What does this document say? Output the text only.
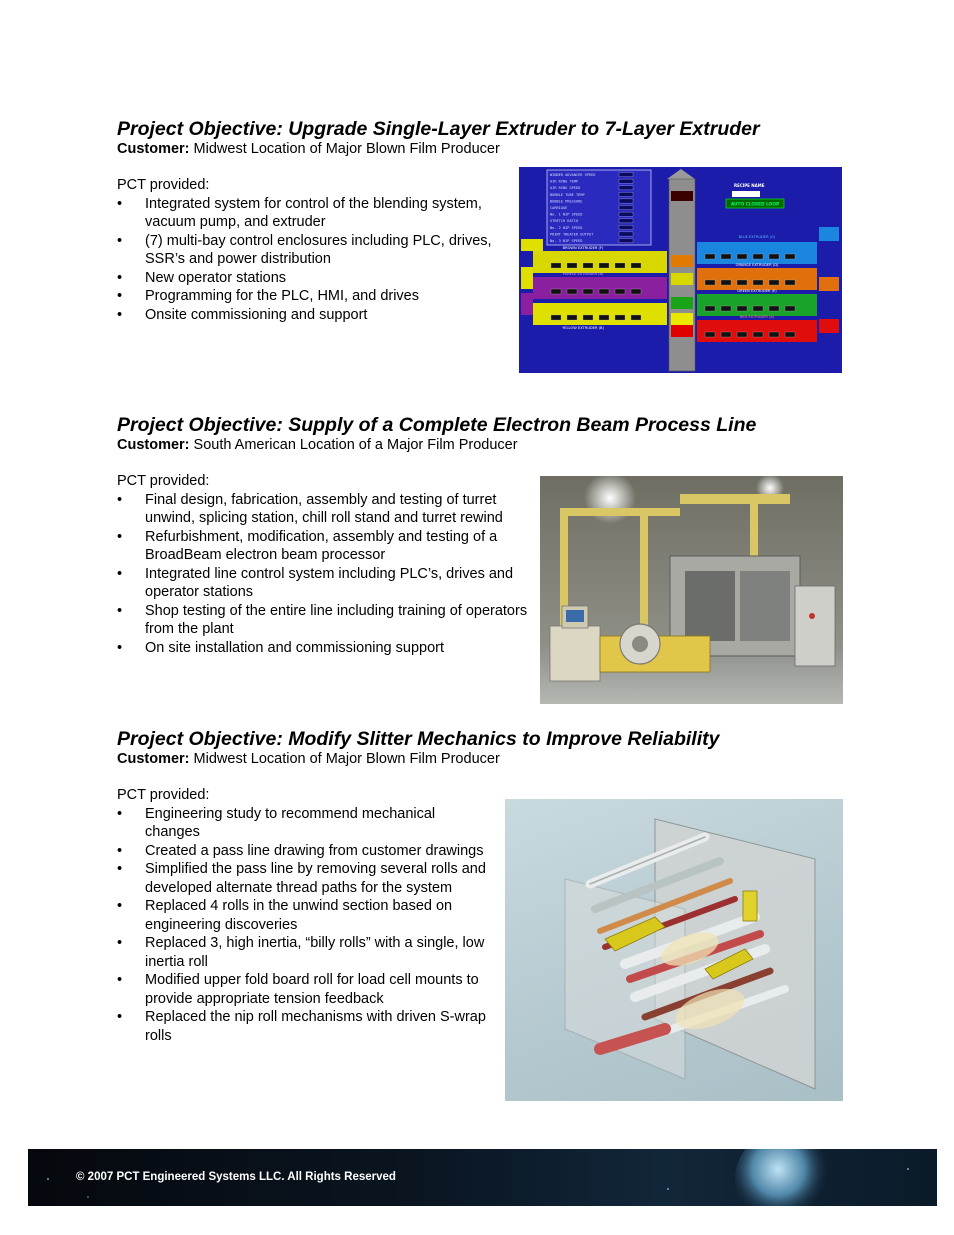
Project Objective: Upgrade Single-Layer Extruder to 7-Layer Extruder

Customer: Midwest Location of Major Blown Film Producer

PCT provided:

•	Integrated system for control of the blending system, vacuum pump, and extruder
•	(7) multi-bay control enclosures including PLC, drives, SSR’s and power distribution
•	New operator stations
•	Programming for the PLC, HMI, and drives
•	Onsite commissioning and support
WINDER ADVANCER SPEED
AIR RING TEMP
AIR RING SPEED
BUBBLE TUBE TEMP
BUBBLE PRESSURE
CARRIAGE
No. 1 NIP SPEED
STRETCH RATIO
No. 2 NIP SPEED
PRINT TREATER OUTPUT
No. 3 NIP SPEED
RECIPE NAME
AUTO CLOSED LOOP
BLUE EXTRUDER (G)
ORANGE EXTRUDER (D)
GREEN EXTRUDER (E)
RED EXTRUDER (A)
BROWN EXTRUDER (F)
PURPLE EXTRUDER (B)
YELLOW EXTRUDER (B)
Project Objective: Supply of a Complete Electron Beam Process Line

Customer: South American Location of a Major Film Producer

PCT provided:

•	Final design, fabrication, assembly and testing of turret unwind, splicing station, chill roll stand and turret rewind
•	Refurbishment, modification, assembly and testing of a BroadBeam electron beam processor
•	Integrated line control system including PLC’s, drives and operator stations
•	Shop testing of the entire line including training of operators from the plant
•	On site installation and commissioning support
Project Objective: Modify Slitter Mechanics to Improve Reliability

Customer: Midwest Location of Major Blown Film Producer

PCT provided:

•	Engineering study to recommend mechanical changes
•	Created a pass line drawing from customer drawings
•	Simplified the pass line by removing several rolls and developed alternate thread paths for the system
•	Replaced 4 rolls in the unwind section based on engineering discoveries
•	Replaced 3, high inertia, “billy rolls” with a single, low inertia roll
•	Modified upper fold board roll for load cell mounts to provide appropriate tension feedback
•	Replaced the nip roll mechanisms with driven S-wrap rolls
© 2007 PCT Engineered Systems LLC. All Rights Reserved
